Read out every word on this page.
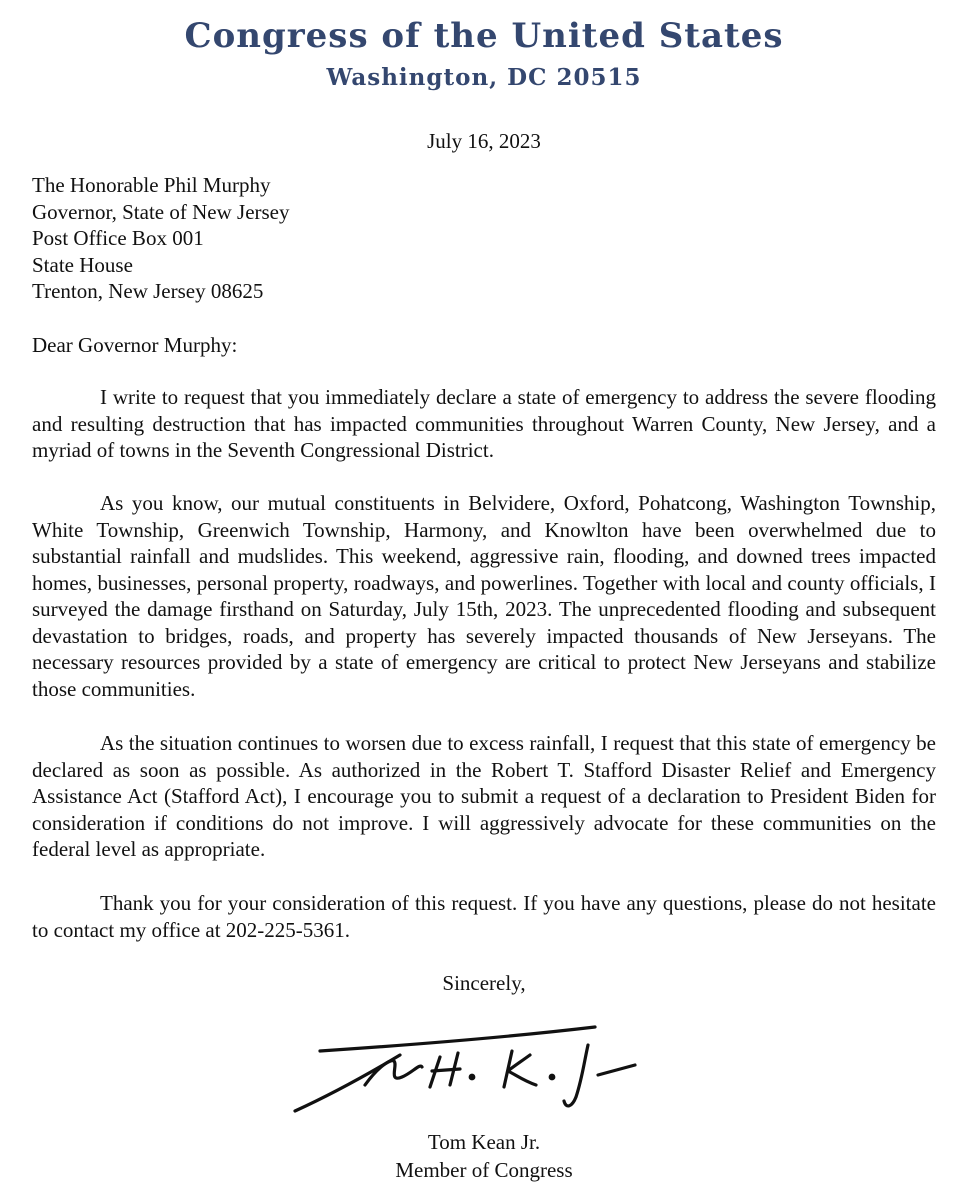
Congress of the United States
Washington, DC 20515
July 16, 2023
The Honorable Phil Murphy
Governor, State of New Jersey
Post Office Box 001
State House
Trenton, New Jersey 08625
Dear Governor Murphy:

I write to request that you immediately declare a state of emergency to address the severe flooding and resulting destruction that has impacted communities throughout Warren County, New Jersey, and a myriad of towns in the Seventh Congressional District.

As you know, our mutual constituents in Belvidere, Oxford, Pohatcong, Washington Township, White Township, Greenwich Township, Harmony, and Knowlton have been overwhelmed due to substantial rainfall and mudslides. This weekend, aggressive rain, flooding, and downed trees impacted homes, businesses, personal property, roadways, and powerlines. Together with local and county officials, I surveyed the damage firsthand on Saturday, July 15th, 2023. The unprecedented flooding and subsequent devastation to bridges, roads, and property has severely impacted thousands of New Jerseyans. The necessary resources provided by a state of emergency are critical to protect New Jerseyans and stabilize those communities.

As the situation continues to worsen due to excess rainfall, I request that this state of emergency be declared as soon as possible. As authorized in the Robert T. Stafford Disaster Relief and Emergency Assistance Act (Stafford Act), I encourage you to submit a request of a declaration to President Biden for consideration if conditions do not improve. I will aggressively advocate for these communities on the federal level as appropriate.

Thank you for your consideration of this request. If you have any questions, please do not hesitate to contact my office at 202-225-5361.

Sincerely,
Tom Kean Jr.
Member of Congress
